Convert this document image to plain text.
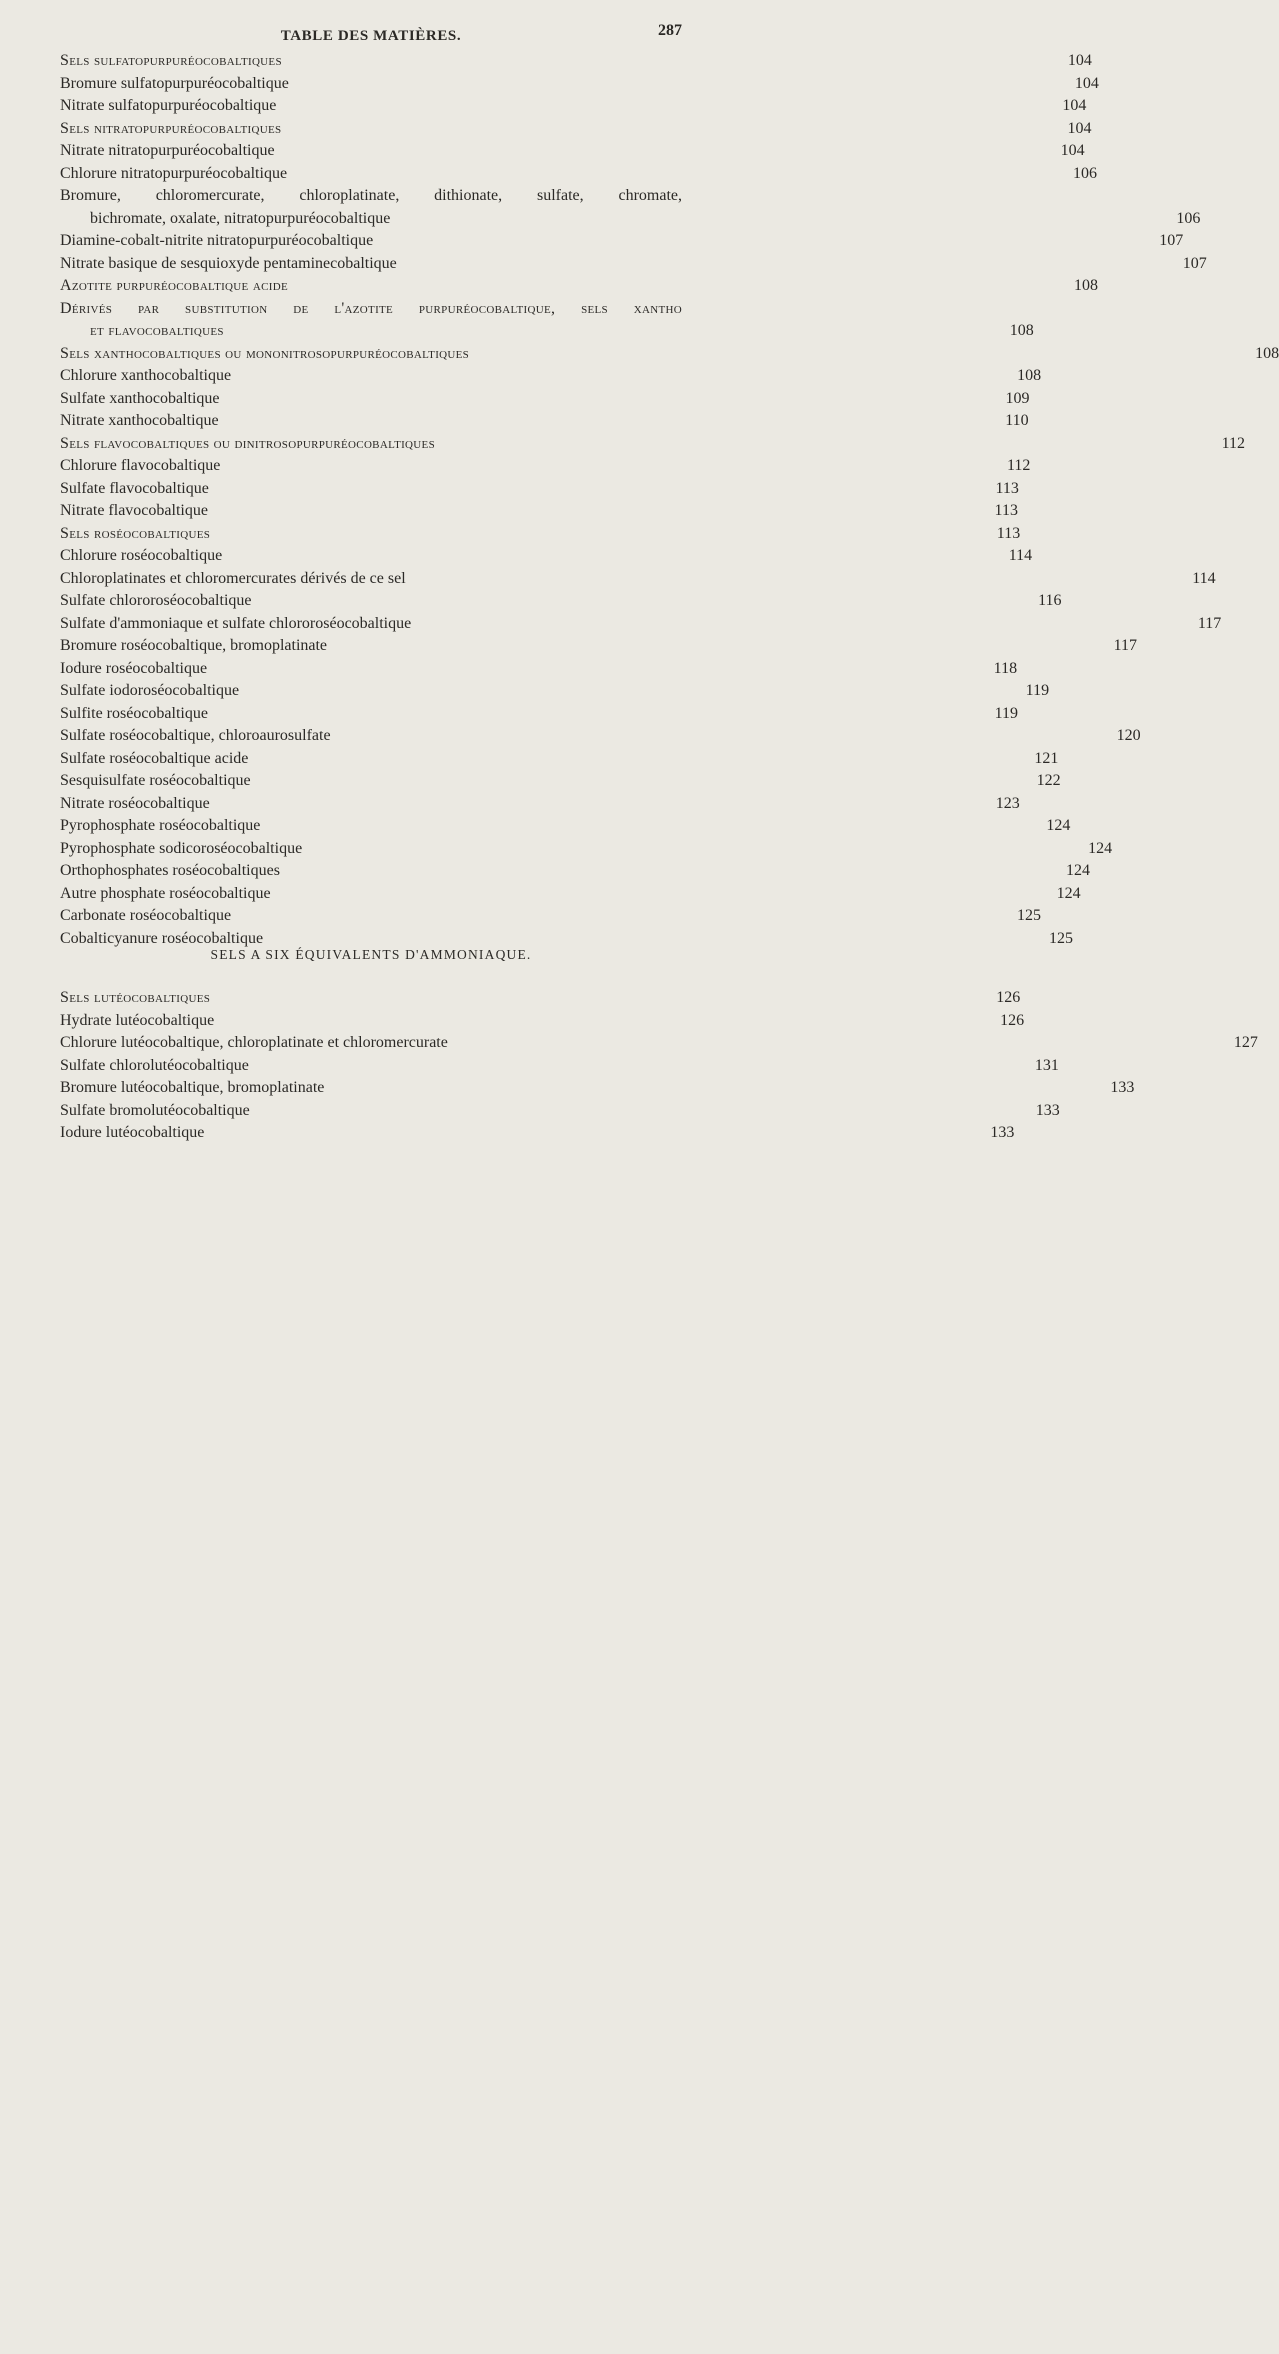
TABLE DES MATIÈRES.	287
Sels sulfatopurpuréocobaltiques	104
Bromure sulfatopurpuréocobaltique	104
Nitrate sulfatopurpuréocobaltique	104
Sels nitratopurpuréocobaltiques	104
Nitrate nitratopurpuréocobaltique	104
Chlorure nitratopurpuréocobaltique	106
Bromure, chloromercurate, chloroplatinate, dithionate, sulfate, chromate,
bichromate, oxalate, nitratopurpuréocobaltique	106
Diamine-cobalt-nitrite nitratopurpuréocobaltique	107
Nitrate basique de sesquioxyde pentaminecobaltique	107
Azotite purpuréocobaltique acide	108
Dérivés par substitution de l'azotite purpuréocobaltique, sels xantho
et flavocobaltiques	108
Sels xanthocobaltiques ou mononitrosopurpuréocobaltiques	108
Chlorure xanthocobaltique	108
Sulfate xanthocobaltique	109
Nitrate xanthocobaltique	110
Sels flavocobaltiques ou dinitrosopurpuréocobaltiques	112
Chlorure flavocobaltique	112
Sulfate flavocobaltique	113
Nitrate flavocobaltique	113
Sels roséocobaltiques	113
Chlorure roséocobaltique	114
Chloroplatinates et chloromercurates dérivés de ce sel	114
Sulfate chlororoséocobaltique	116
Sulfate d'ammoniaque et sulfate chlororoséocobaltique	117
Bromure roséocobaltique, bromoplatinate	117
Iodure roséocobaltique	118
Sulfate iodoroséocobaltique	119
Sulfite roséocobaltique	119
Sulfate roséocobaltique, chloroaurosulfate	120
Sulfate roséocobaltique acide	121
Sesquisulfate roséocobaltique	122
Nitrate roséocobaltique	123
Pyrophosphate roséocobaltique	124
Pyrophosphate sodicoroséocobaltique	124
Orthophosphates roséocobaltiques	124
Autre phosphate roséocobaltique	124
Carbonate roséocobaltique	125
Cobalticyanure roséocobaltique	125
SELS A SIX ÉQUIVALENTS D'AMMONIAQUE.
Sels lutéocobaltiques	126
Hydrate lutéocobaltique	126
Chlorure lutéocobaltique, chloroplatinate et chloromercurate	127
Sulfate chlorolutéocobaltique	131
Bromure lutéocobaltique, bromoplatinate	133
Sulfate bromolutéocobaltique	133
Iodure lutéocobaltique	133
